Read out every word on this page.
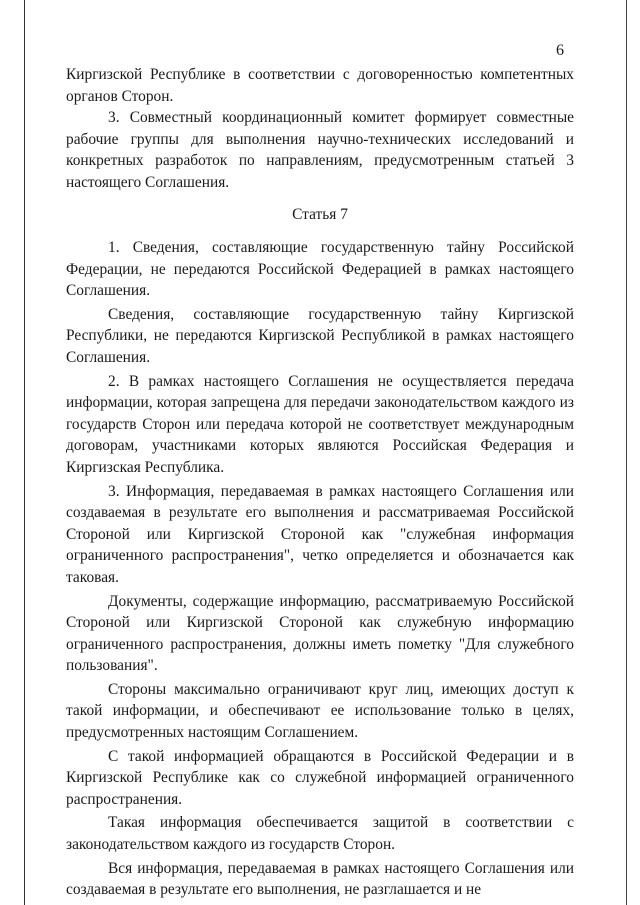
6

Киргизской Республике в соответствии с договоренностью компетентных органов Сторон.

3. Совместный координационный комитет формирует совместные рабочие группы для выполнения научно-технических исследований и конкретных разработок по направлениям, предусмотренным статьей 3 настоящего Соглашения.

Статья 7

1. Сведения, составляющие государственную тайну Российской Федерации, не передаются Российской Федерацией в рамках настоящего Соглашения.

Сведения, составляющие государственную тайну Киргизской Республики, не передаются Киргизской Республикой в рамках настоящего Соглашения.

2. В рамках настоящего Соглашения не осуществляется передача информации, которая запрещена для передачи законодательством каждого из государств Сторон или передача которой не соответствует международным договорам, участниками которых являются Российская Федерация и Киргизская Республика.

3. Информация, передаваемая в рамках настоящего Соглашения или создаваемая в результате его выполнения и рассматриваемая Российской Стороной или Киргизской Стороной как "служебная информация ограниченного распространения", четко определяется и обозначается как таковая.

Документы, содержащие информацию, рассматриваемую Российской Стороной или Киргизской Стороной как служебную информацию ограниченного распространения, должны иметь пометку "Для служебного пользования".

Стороны максимально ограничивают круг лиц, имеющих доступ к такой информации, и обеспечивают ее использование только в целях, предусмотренных настоящим Соглашением.

С такой информацией обращаются в Российской Федерации и в Киргизской Республике как со служебной информацией ограниченного распространения.

Такая информация обеспечивается защитой в соответствии с законодательством каждого из государств Сторон.

Вся информация, передаваемая в рамках настоящего Соглашения или создаваемая в результате его выполнения, не разглашается и не
